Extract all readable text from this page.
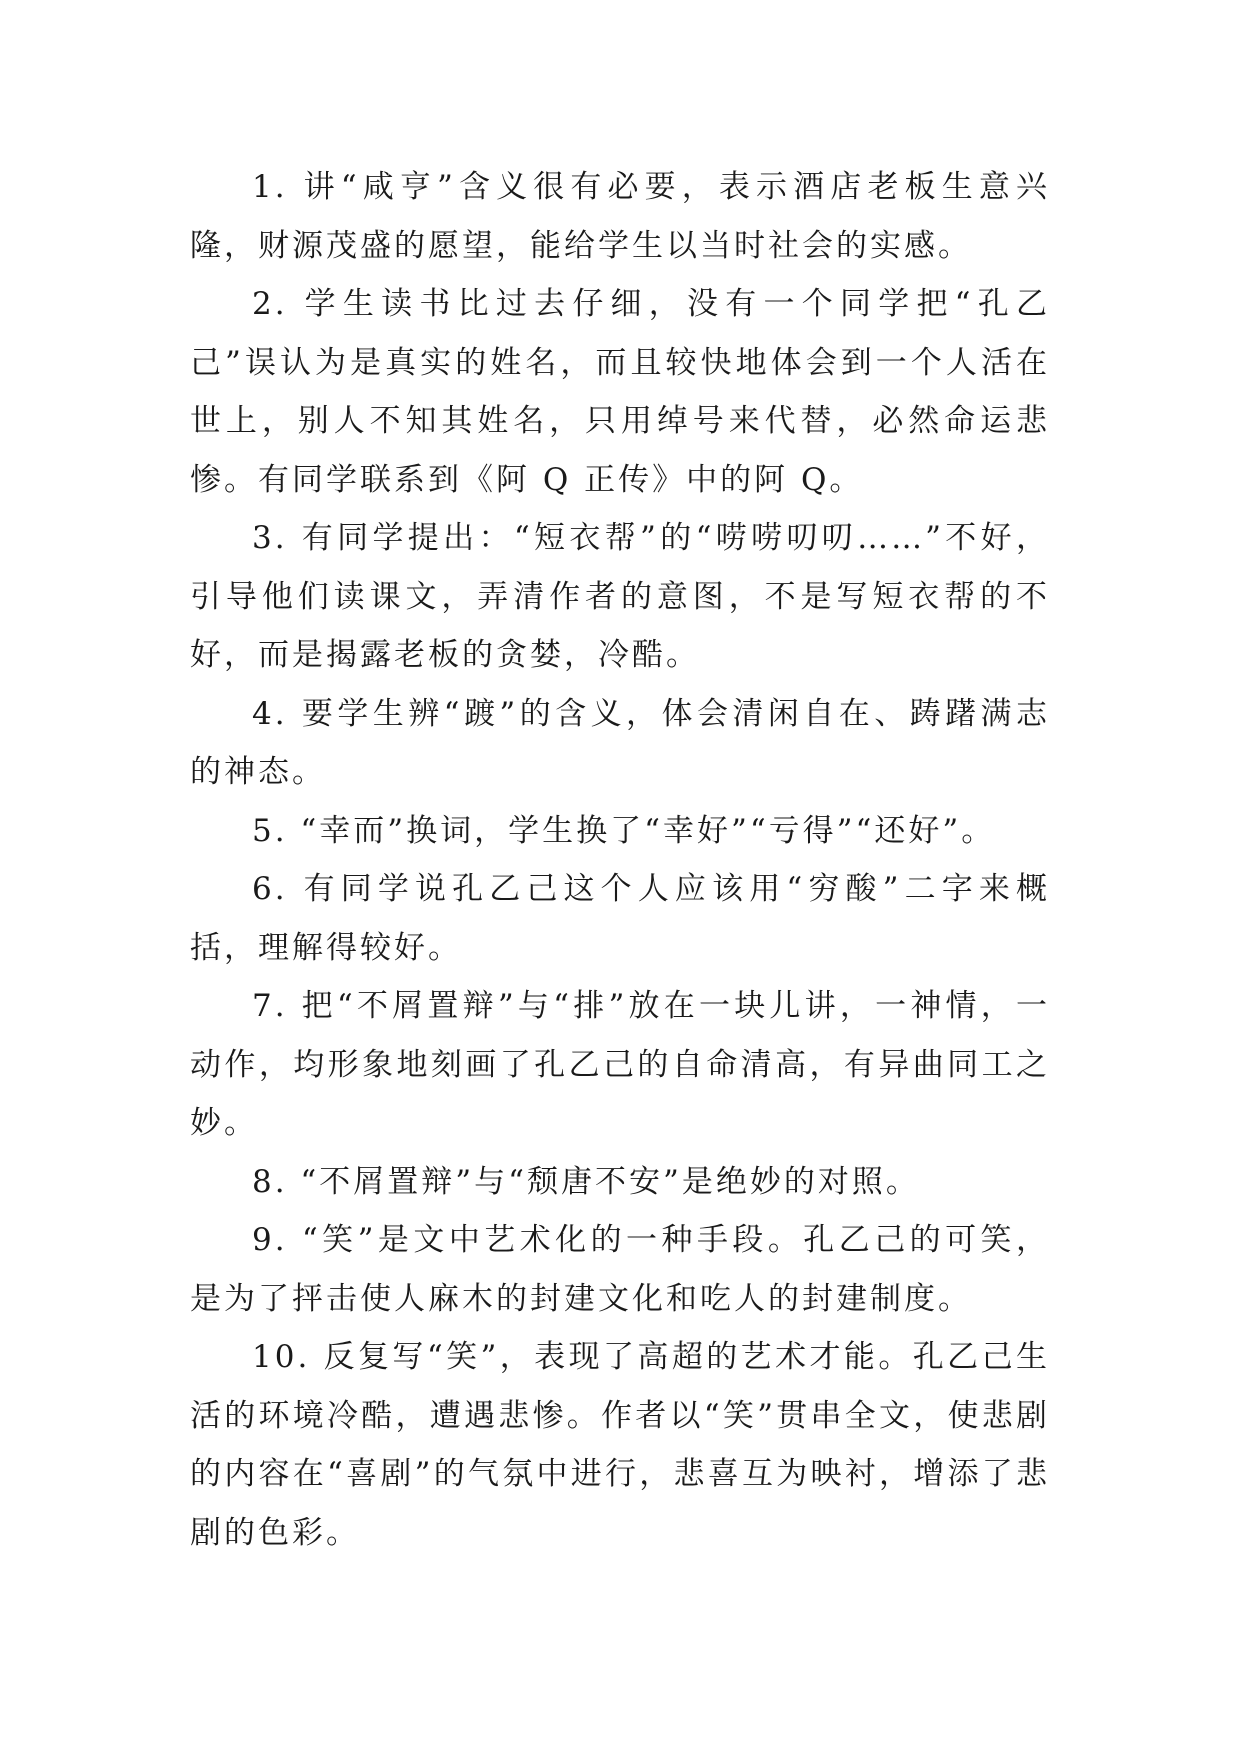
1. 讲“咸亨”含义很有必要，表示酒店老板生意兴隆，财源茂盛的愿望，能给学生以当时社会的实感。

2. 学生读书比过去仔细，没有一个同学把“孔乙己”误认为是真实的姓名，而且较快地体会到一个人活在世上，别人不知其姓名，只用绰号来代替，必然命运悲惨。有同学联系到《阿 Q 正传》中的阿 Q。

3. 有同学提出：“短衣帮”的“唠唠叨叨……”不好，引导他们读课文，弄清作者的意图，不是写短衣帮的不好，而是揭露老板的贪婪，冷酷。

4. 要学生辨“踱”的含义，体会清闲自在、踌躇满志的神态。

5. “幸而”换词，学生换了“幸好”“亏得”“还好”。

6. 有同学说孔乙己这个人应该用“穷酸”二字来概括，理解得较好。

7. 把“不屑置辩”与“排”放在一块儿讲，一神情，一动作，均形象地刻画了孔乙己的自命清高，有异曲同工之妙。

8. “不屑置辩”与“颓唐不安”是绝妙的对照。

9. “笑”是文中艺术化的一种手段。孔乙己的可笑，是为了抨击使人麻木的封建文化和吃人的封建制度。

10. 反复写“笑”，表现了高超的艺术才能。孔乙己生活的环境冷酷，遭遇悲惨。作者以“笑”贯串全文，使悲剧的内容在“喜剧”的气氛中进行，悲喜互为映衬，增添了悲剧的色彩。
